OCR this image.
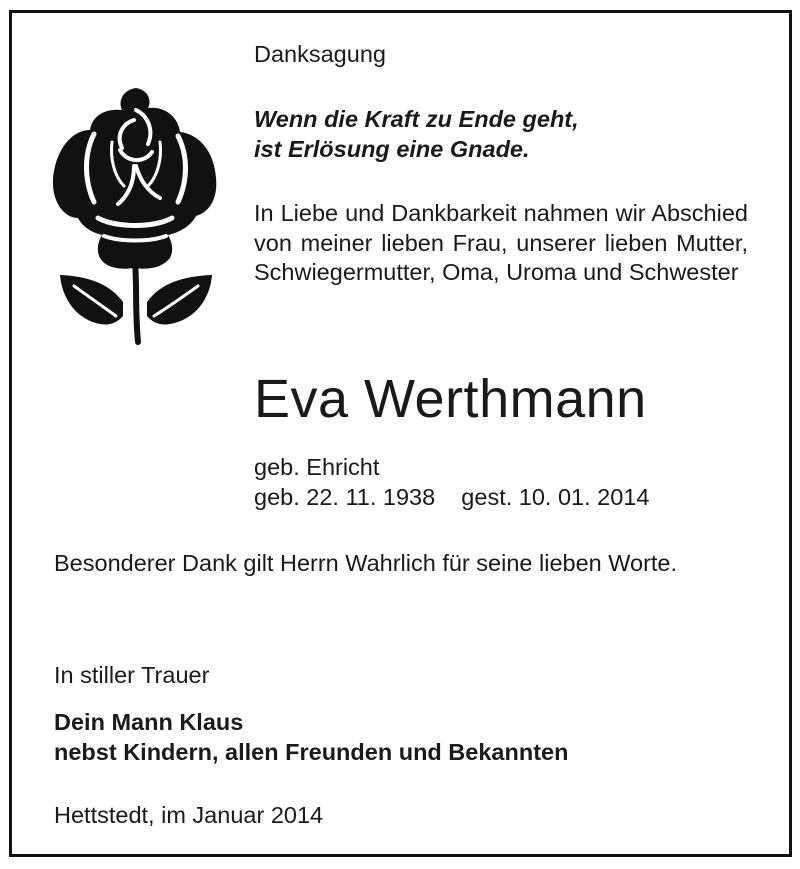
Danksagung

Wenn die Kraft zu Ende geht,
ist Erlösung eine Gnade.

In Liebe und Dankbarkeit nahmen wir Abschied von meiner lieben Frau, unserer lieben Mutter, Schwiegermutter, Oma, Uroma und Schwester

Eva Werthmann

geb. Ehricht
geb. 22. 11. 1938    gest. 10. 01. 2014

Besonderer Dank gilt Herrn Wahrlich für seine lieben Worte.

In stiller Trauer

Dein Mann Klaus
nebst Kindern, allen Freunden und Bekannten

Hettstedt, im Januar 2014
